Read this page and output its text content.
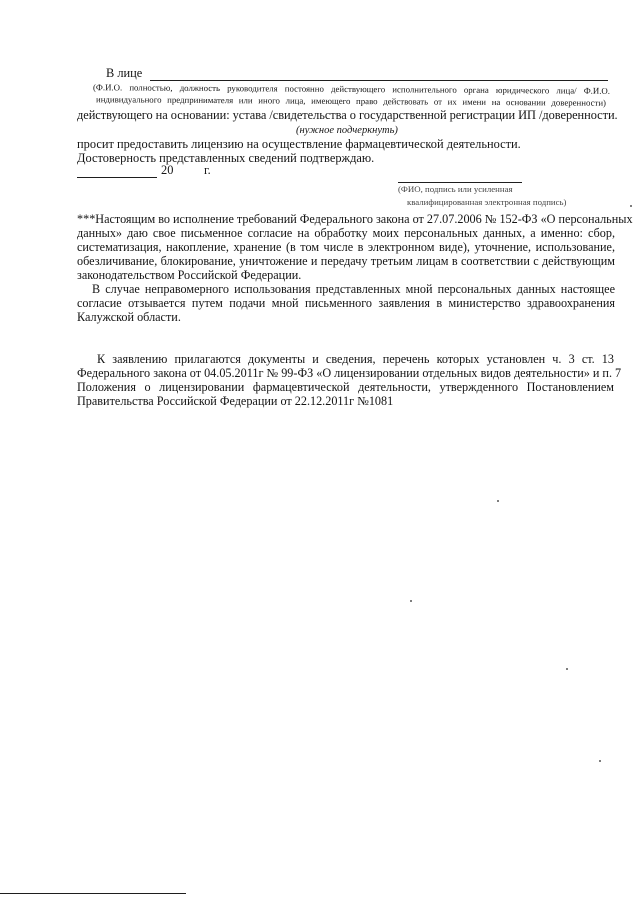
В лице
(Ф.И.О. полностью, должность руководителя постоянно действующего исполнительного органа юридического лица/ Ф.И.О.
индивидуального предпринимателя или иного лица, имеющего право действовать от их имени на основании доверенности)
действующего на основании: устава /свидетельства о государственной регистрации ИП /доверенности.
(нужное подчеркнуть)
просит предоставить лицензию на осуществление фармацевтической деятельности.
Достоверность представленных сведений подтверждаю.
20 г.
(ФИО, подпись или усиленная
квалифицированная электронная подпись)
***Настоящим во исполнение требований Федерального закона от 27.07.2006 № 152-ФЗ «О персональных
данных» даю свое письменное согласие на обработку моих персональных данных, а именно: сбор,
систематизация, накопление, хранение (в том числе в электронном виде), уточнение, использование,
обезличивание, блокирование, уничтожение и передачу третьим лицам в соответствии с действующим
законодательством Российской Федерации.
В случае неправомерного использования представленных мной персональных данных настоящее
согласие отзывается путем подачи мной письменного заявления в министерство здравоохранения
Калужской области.
К заявлению прилагаются документы и сведения, перечень которых установлен ч. 3 ст. 13
Федерального закона от 04.05.2011г № 99-ФЗ «О лицензировании отдельных видов деятельности» и п. 7
Положения о лицензировании фармацевтической деятельности, утвержденного Постановлением
Правительства Российской Федерации от 22.12.2011г №1081
